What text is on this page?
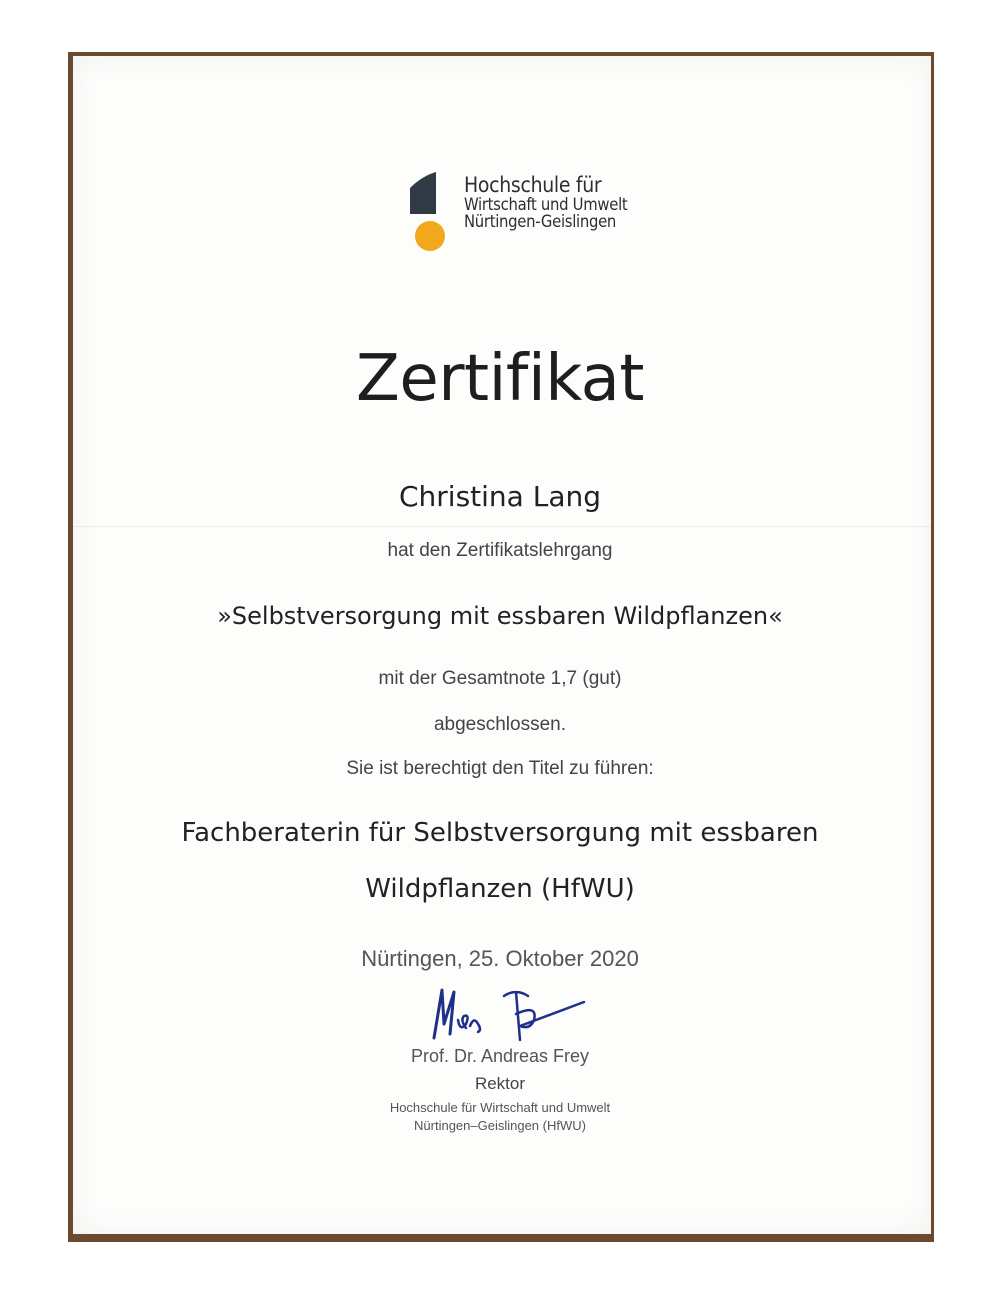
Hochschule für
Wirtschaft und Umwelt
Nürtingen-Geislingen
Zertifikat
Christina Lang
hat den Zertifikatslehrgang
»Selbstversorgung mit essbaren Wildpflanzen«
mit der Gesamtnote 1,7 (gut)
abgeschlossen.
Sie ist berechtigt den Titel zu führen:
Fachberaterin für Selbstversorgung mit essbaren
Wildpflanzen (HfWU)
Nürtingen, 25. Oktober 2020
Prof. Dr. Andreas Frey
Rektor
Hochschule für Wirtschaft und Umwelt
Nürtingen–Geislingen (HfWU)
